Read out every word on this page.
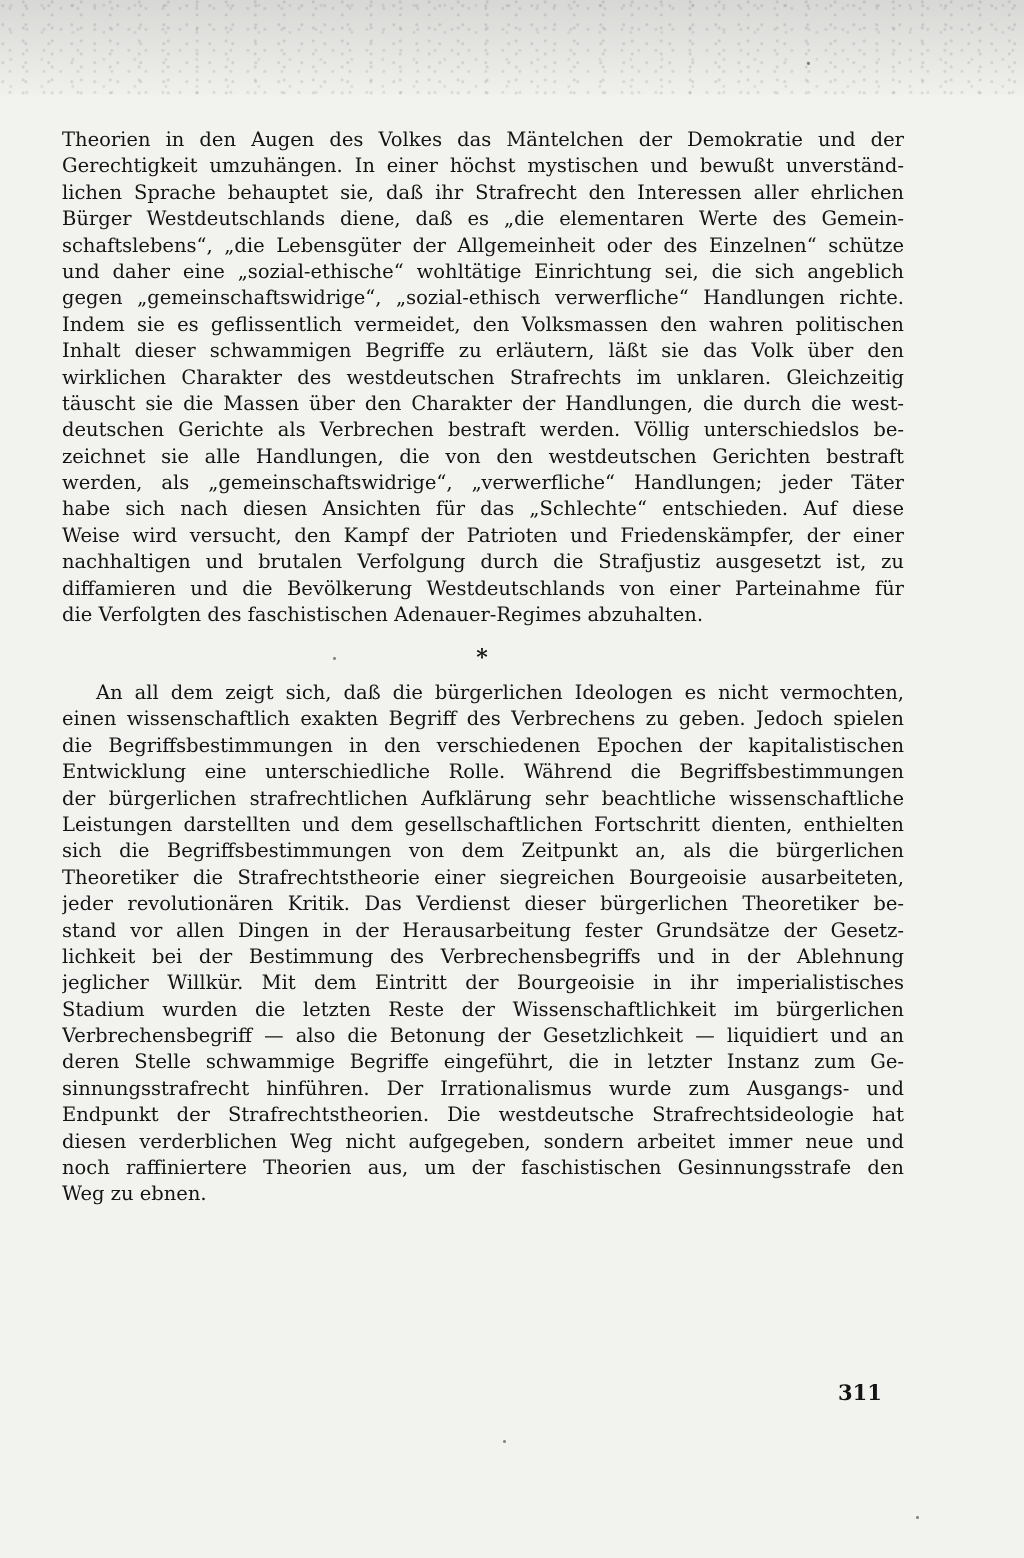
Theorien in den Augen des Volkes das Mäntelchen der Demokratie und der
Gerechtigkeit umzuhängen. In einer höchst mystischen und bewußt unverständ-
lichen Sprache behauptet sie, daß ihr Strafrecht den Interessen aller ehrlichen
Bürger Westdeutschlands diene, daß es „die elementaren Werte des Gemein-
schaftslebens“, „die Lebensgüter der Allgemeinheit oder des Einzelnen“ schütze
und daher eine „sozial-ethische“ wohltätige Einrichtung sei, die sich angeblich
gegen „gemeinschaftswidrige“, „sozial-ethisch verwerfliche“ Handlungen richte.
Indem sie es geflissentlich vermeidet, den Volksmassen den wahren politischen
Inhalt dieser schwammigen Begriffe zu erläutern, läßt sie das Volk über den
wirklichen Charakter des westdeutschen Strafrechts im unklaren. Gleichzeitig
täuscht sie die Massen über den Charakter der Handlungen, die durch die west-
deutschen Gerichte als Verbrechen bestraft werden. Völlig unterschiedslos be-
zeichnet sie alle Handlungen, die von den westdeutschen Gerichten bestraft
werden, als „gemeinschaftswidrige“, „verwerfliche“ Handlungen; jeder Täter
habe sich nach diesen Ansichten für das „Schlechte“ entschieden. Auf diese
Weise wird versucht, den Kampf der Patrioten und Friedenskämpfer, der einer
nachhaltigen und brutalen Verfolgung durch die Strafjustiz ausgesetzt ist, zu
diffamieren und die Bevölkerung Westdeutschlands von einer Parteinahme für
die Verfolgten des faschistischen Adenauer-Regimes abzuhalten.
*
An all dem zeigt sich, daß die bürgerlichen Ideologen es nicht vermochten,
einen wissenschaftlich exakten Begriff des Verbrechens zu geben. Jedoch spielen
die Begriffsbestimmungen in den verschiedenen Epochen der kapitalistischen
Entwicklung eine unterschiedliche Rolle. Während die Begriffsbestimmungen
der bürgerlichen strafrechtlichen Aufklärung sehr beachtliche wissenschaftliche
Leistungen darstellten und dem gesellschaftlichen Fortschritt dienten, enthielten
sich die Begriffsbestimmungen von dem Zeitpunkt an, als die bürgerlichen
Theoretiker die Strafrechtstheorie einer siegreichen Bourgeoisie ausarbeiteten,
jeder revolutionären Kritik. Das Verdienst dieser bürgerlichen Theoretiker be-
stand vor allen Dingen in der Herausarbeitung fester Grundsätze der Gesetz-
lichkeit bei der Bestimmung des Verbrechensbegriffs und in der Ablehnung
jeglicher Willkür. Mit dem Eintritt der Bourgeoisie in ihr imperialistisches
Stadium wurden die letzten Reste der Wissenschaftlichkeit im bürgerlichen
Verbrechensbegriff — also die Betonung der Gesetzlichkeit — liquidiert und an
deren Stelle schwammige Begriffe eingeführt, die in letzter Instanz zum Ge-
sinnungsstrafrecht hinführen. Der Irrationalismus wurde zum Ausgangs- und
Endpunkt der Strafrechtstheorien. Die westdeutsche Strafrechtsideologie hat
diesen verderblichen Weg nicht aufgegeben, sondern arbeitet immer neue und
noch raffiniertere Theorien aus, um der faschistischen Gesinnungsstrafe den
Weg zu ebnen.
311
